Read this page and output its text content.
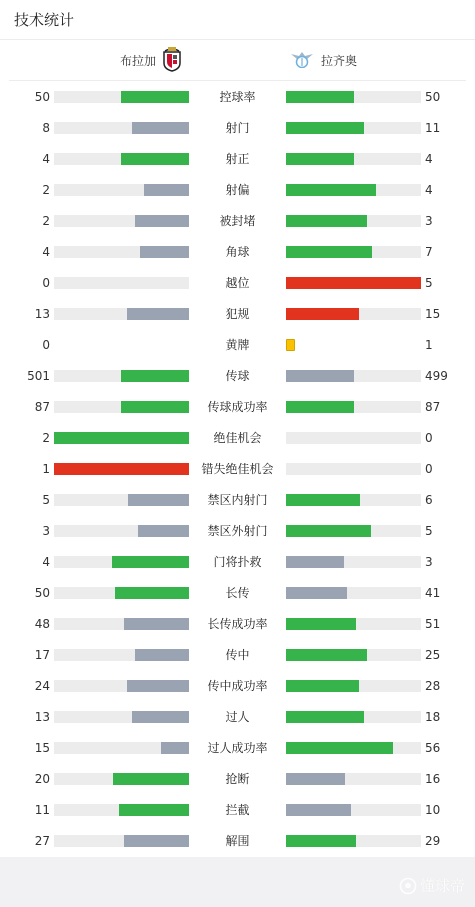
技术统计
布拉加	拉齐奥
50	50
控球率
8	11
射门
4	4
射正
2	4
射偏
2	3
被封堵
4	7
角球
0	5
越位
13	15
犯规
0	1
黄牌
501	499
传球
87	87
传球成功率
2	0
绝佳机会
1	0
错失绝佳机会
5	6
禁区内射门
3	5
禁区外射门
4	3
门将扑救
50	41
长传
48	51
长传成功率
17	25
传中
24	28
传中成功率
13	18
过人
15	56
过人成功率
20	16
抢断
11	10
拦截
27	29
解围
懂球帝
